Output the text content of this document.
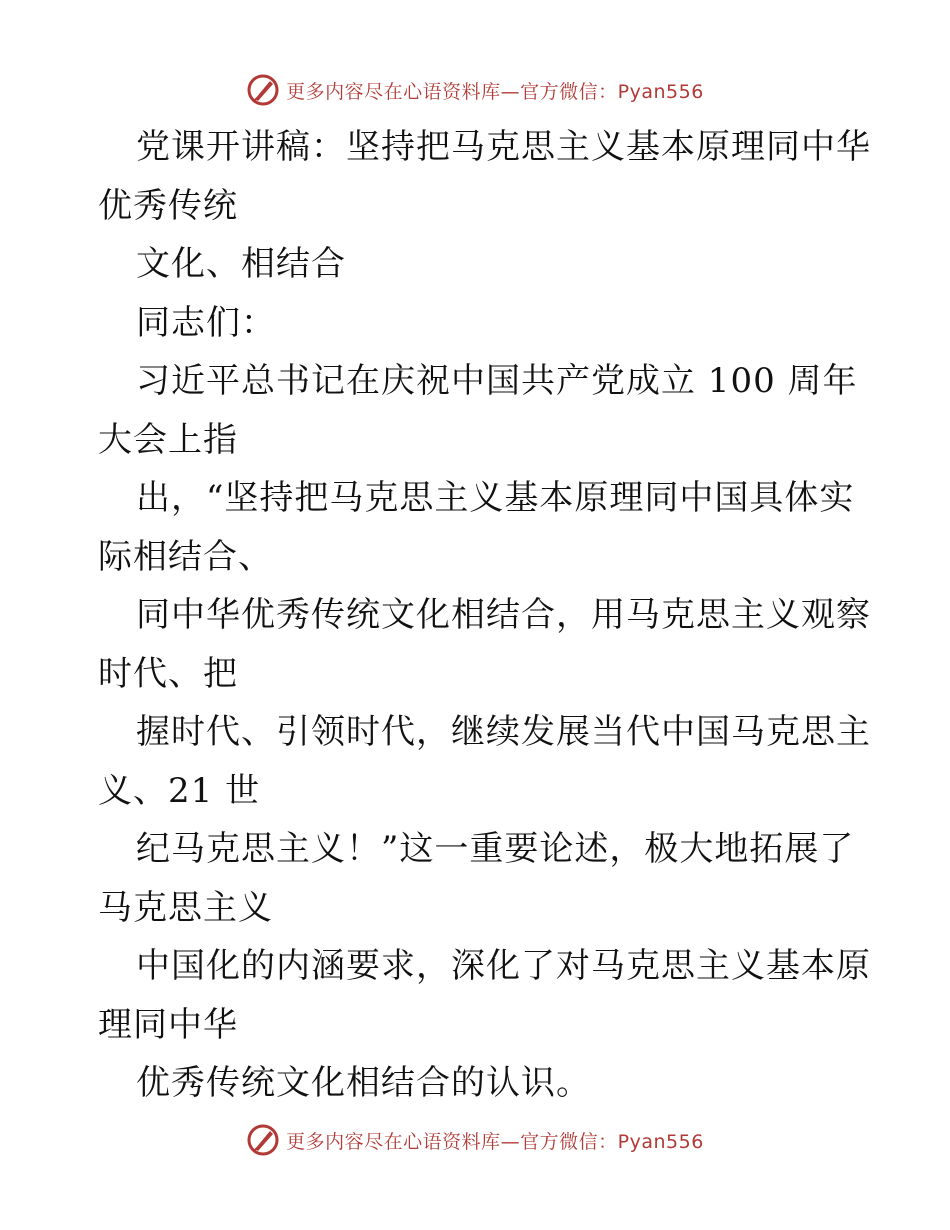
更多内容尽在心语资料库—官方微信：Pyan556
党课开讲稿：坚持把马克思主义基本原理同中华
优秀传统
文化、相结合
同志们：
习近平总书记在庆祝中国共产党成立 100 周年
大会上指
出，“坚持把马克思主义基本原理同中国具体实
际相结合、
同中华优秀传统文化相结合，用马克思主义观察
时代、把
握时代、引领时代，继续发展当代中国马克思主
义、21 世
纪马克思主义！”这一重要论述，极大地拓展了
马克思主义
中国化的内涵要求，深化了对马克思主义基本原
理同中华
优秀传统文化相结合的认识。
更多内容尽在心语资料库—官方微信：Pyan556
